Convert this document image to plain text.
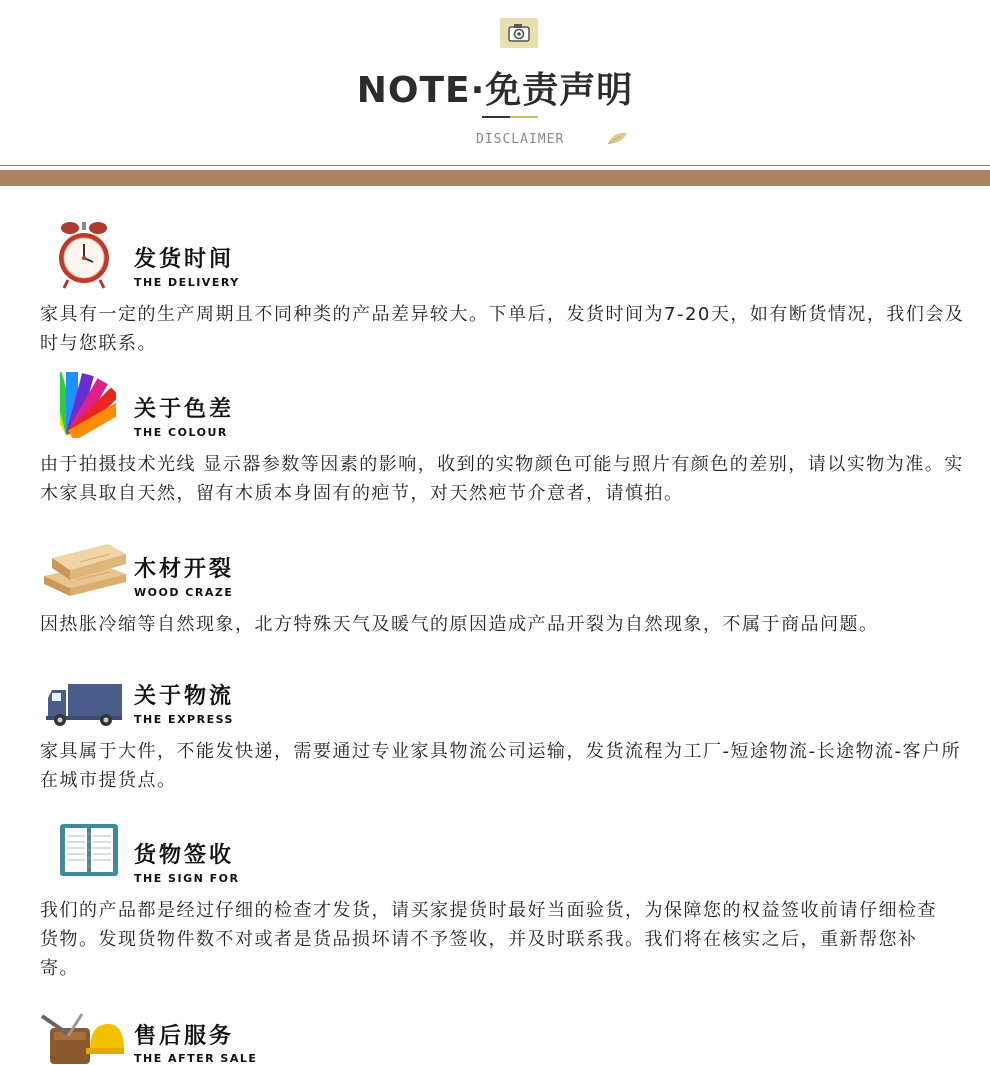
NOTE·免责声明
DISCLAIMER
发货时间
THE DELIVERY
家具有一定的生产周期且不同种类的产品差异较大。下单后，发货时间为7-20天，如有断货情况，我们会及时与您联系。
关于色差
THE COLOUR
由于拍摄技术光线 显示器参数等因素的影响，收到的实物颜色可能与照片有颜色的差别，请以实物为准。实木家具取自天然，留有木质本身固有的疤节，对天然疤节介意者，请慎拍。
木材开裂
WOOD CRAZE
因热胀冷缩等自然现象，北方特殊天气及暖气的原因造成产品开裂为自然现象，不属于商品问题。
关于物流
THE EXPRESS
家具属于大件，不能发快递，需要通过专业家具物流公司运输，发货流程为工厂-短途物流-长途物流-客户所在城市提货点。
货物签收
THE SIGN FOR
我们的产品都是经过仔细的检查才发货，请买家提货时最好当面验货，为保障您的权益签收前请仔细检查货物。发现货物件数不对或者是货品损坏请不予签收，并及时联系我。我们将在核实之后，重新帮您补寄。
售后服务
THE AFTER SALE
